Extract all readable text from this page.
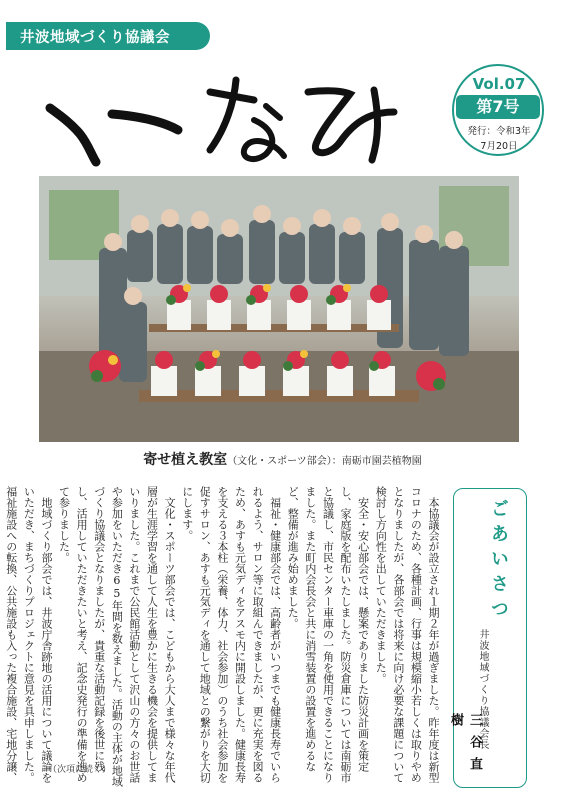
井波地域づくり協議会
Vol.07
第7号
発行：令和3年
7月20日
寄せ植え教室（文化・スポーツ部会）：南砺市園芸植物園
ごあいさつ
井波地域づくり協議会長
三谷直樹

本協議会が設立され１期２年が過ぎました。昨年度は新型コロナのため、各種計画、行事は規模縮小若しくは取りやめとなりましたが、各部会では将来に向け必要な課題について検討し方向性を出していただきました。

安全・安心部会では、懸案でありました防災計画を策定し、家庭版を配布いたしました。防災倉庫については南砺市と協議し、市民センター車庫の一角を使用できることになりました。また町内会長会と共に消雪装置の設置を進めるなど、整備が進み始めました。

福祉・健康部会では、高齢者がいつまでも健康長寿でいられるよう、サロン等に取組んできましたが、更に充実を図るため、あすも元気ディをアスモ内に開設しました。健康長寿を支える３本柱（栄養、体力、社会参加）のうち社会参加を促すサロン、あすも元気ディを通して地域との繋がりを大切にします。

文化・スポーツ部会では、こどもから大人まで様々な年代層が生涯学習を通して人生を豊かに生きる機会を提供してまいりました。これまで公民館活動として沢山の方々のお世話や参加をいただき65年間を数えました。活動の主体が地域づくり協議会となりましたが、貴重な活動記録を後世に残し、活用していただきたいと考え、記念史発行の準備を進めて参りました。

地域づくり部会では、井波庁舎跡地の活用について議論をいただき、まちづくりプロジェクトに意見を具申しました。福祉施設への転換、公共施設も入った複合施設、宅地分譲、

（次項に続く）
